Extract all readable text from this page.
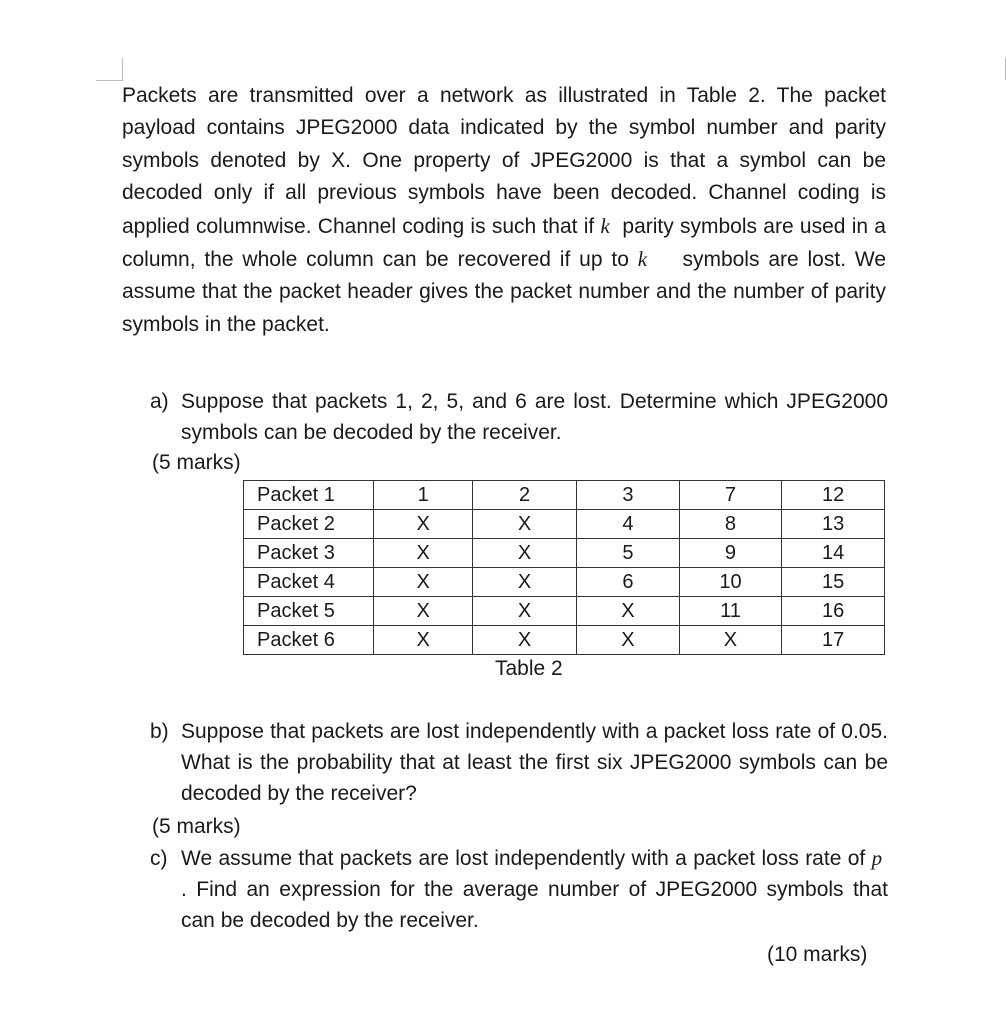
Packets are transmitted over a network as illustrated in Table 2. The packet payload contains JPEG2000 data indicated by the symbol number and parity symbols denoted by X. One property of JPEG2000 is that a symbol can be decoded only if all previous symbols have been decoded. Channel coding is applied columnwise. Channel coding is such that if k parity symbols are used in a column, the whole column can be recovered if up to k symbols are lost. We assume that the packet header gives the packet number and the number of parity symbols in the packet.

a) Suppose that packets 1, 2, 5, and 6 are lost. Determine which JPEG2000 symbols can be decoded by the receiver.

(5 marks)

Packet 1	1	2	3	7	12
Packet 2	X	X	4	8	13
Packet 3	X	X	5	9	14
Packet 4	X	X	6	10	15
Packet 5	X	X	X	11	16
Packet 6	X	X	X	X	17

Table 2

b) Suppose that packets are lost independently with a packet loss rate of 0.05. What is the probability that at least the first six JPEG2000 symbols can be decoded by the receiver?

(5 marks)

c) We assume that packets are lost independently with a packet loss rate of p  . Find an expression for the average number of JPEG2000 symbols that can be decoded by the receiver.

(10 marks)
